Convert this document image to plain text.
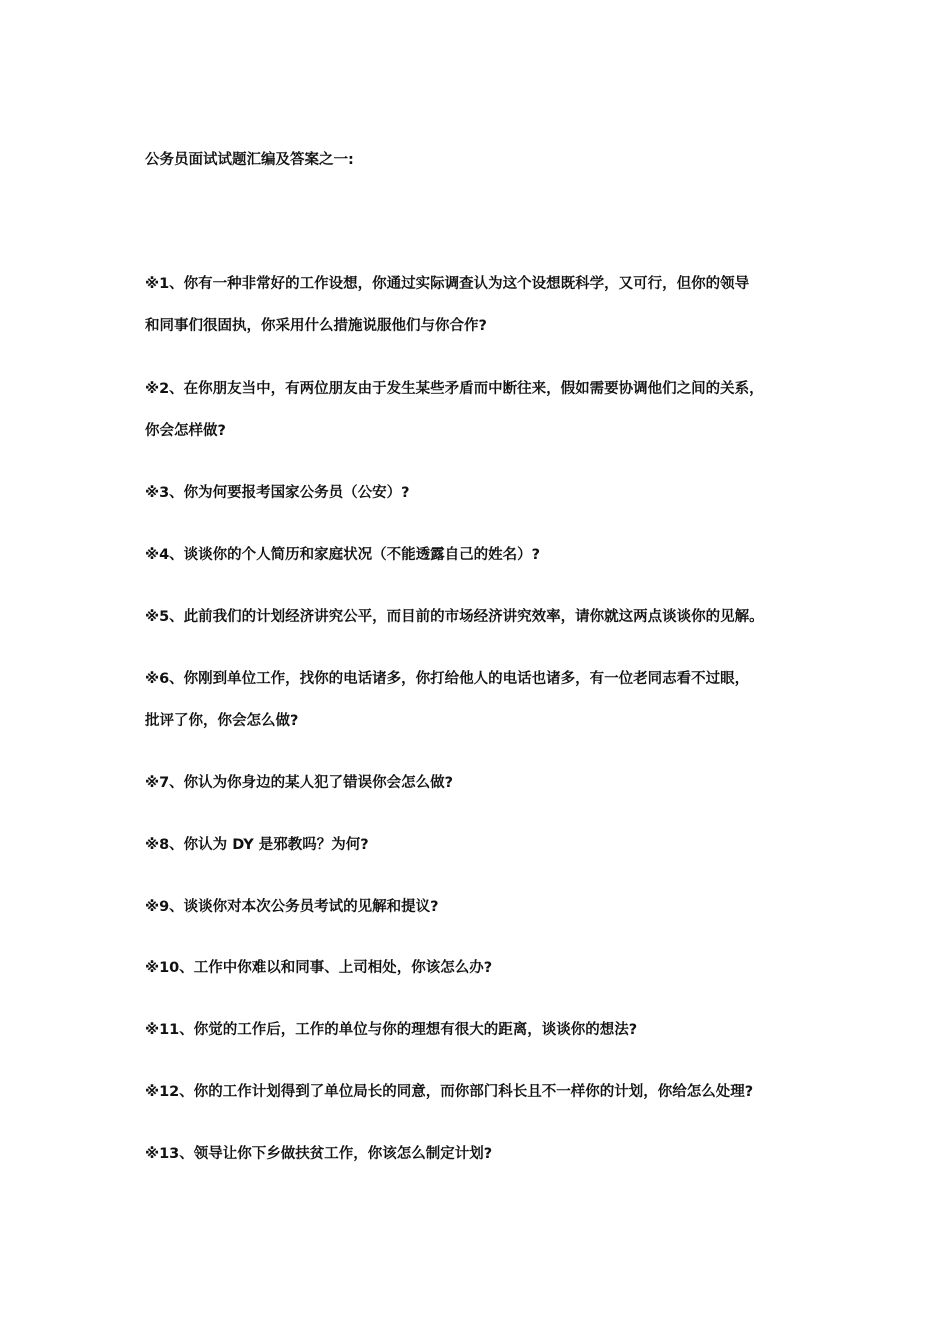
公务员面试试题汇编及答案之一:
※1、你有一种非常好的工作设想，你通过实际调查认为这个设想既科学，又可行，但你的领导
和同事们很固执，你采用什么措施说服他们与你合作?
※2、在你朋友当中，有两位朋友由于发生某些矛盾而中断往来，假如需要协调他们之间的关系，
你会怎样做?
※3、你为何要报考国家公务员（公安）?
※4、谈谈你的个人简历和家庭状况（不能透露自己的姓名）?
※5、此前我们的计划经济讲究公平，而目前的市场经济讲究效率，请你就这两点谈谈你的见解。
※6、你刚到单位工作，找你的电话诸多，你打给他人的电话也诸多，有一位老同志看不过眼，
批评了你，你会怎么做?
※7、你认为你身边的某人犯了错误你会怎么做?
※8、你认为 DY 是邪教吗？为何?
※9、谈谈你对本次公务员考试的见解和提议?
※10、工作中你难以和同事、上司相处，你该怎么办?
※11、你觉的工作后，工作的单位与你的理想有很大的距离，谈谈你的想法?
※12、你的工作计划得到了单位局长的同意，而你部门科长且不一样你的计划，你给怎么处理?
※13、领导让你下乡做扶贫工作，你该怎么制定计划?
